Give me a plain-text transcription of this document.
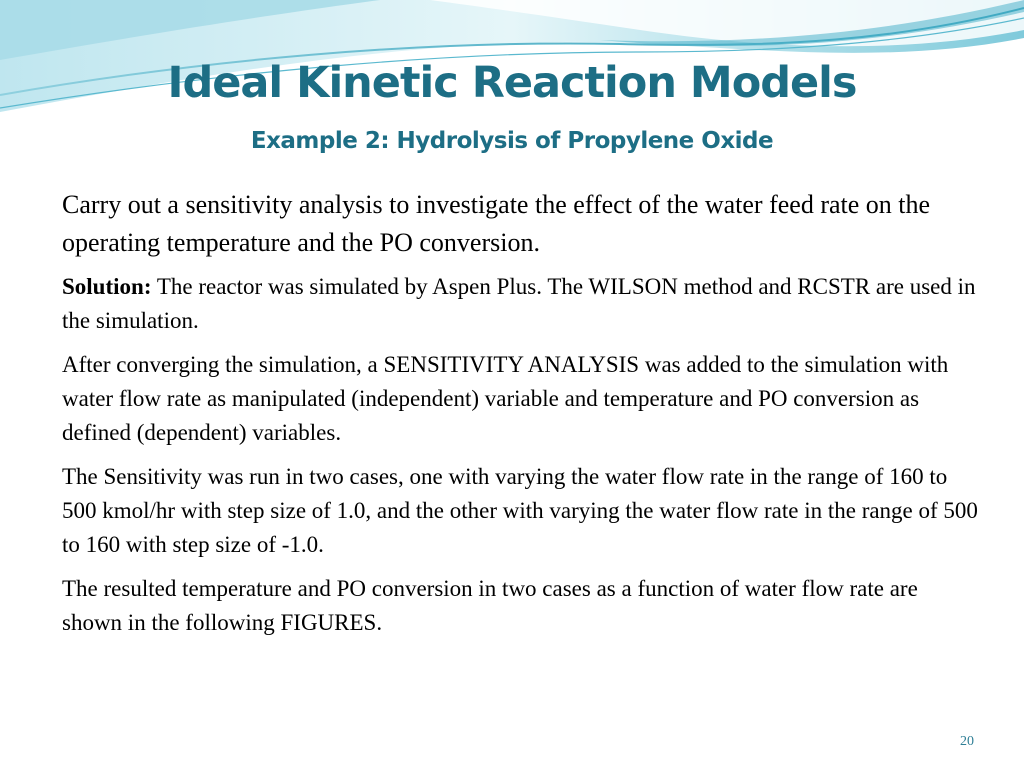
Ideal Kinetic Reaction Models
Example 2: Hydrolysis of Propylene Oxide

Carry out a sensitivity analysis to investigate the effect of the water feed rate on the operating temperature and the PO conversion.

Solution: The reactor was simulated by Aspen Plus. The WILSON method and RCSTR are used in the simulation.

After converging the simulation, a SENSITIVITY ANALYSIS was added to the simulation with water flow rate as manipulated (independent) variable and temperature and PO conversion as defined (dependent) variables.

The Sensitivity was run in two cases, one with varying the water flow rate in the range of 160 to 500 kmol/hr with step size of 1.0, and the other with varying the water flow rate in the range of 500 to 160 with step size of -1.0.

The resulted temperature and PO conversion in two cases as a function of water flow rate are shown in the following FIGURES.

20
